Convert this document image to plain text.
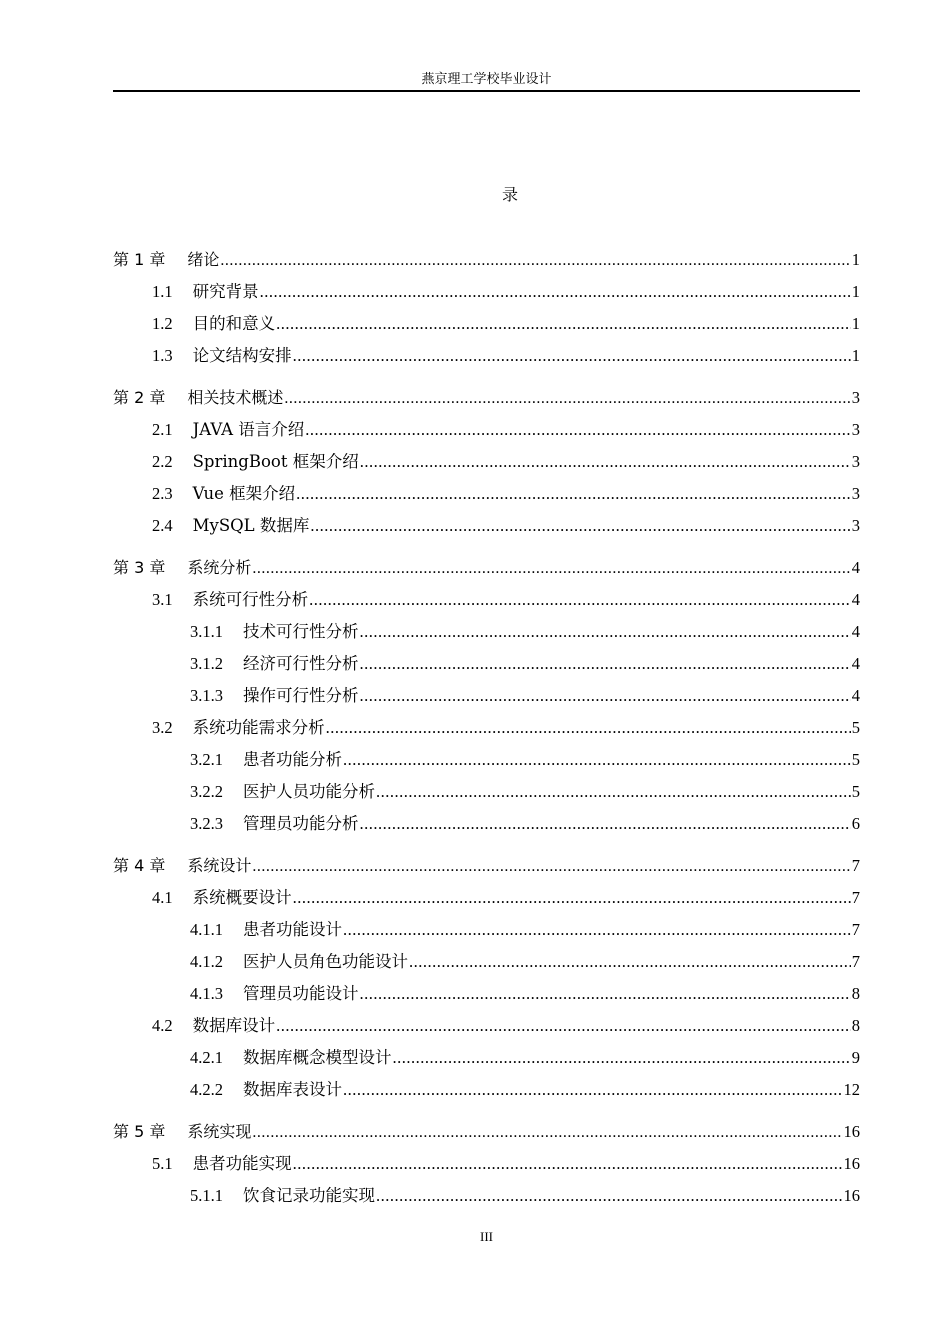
燕京理工学校毕业设计
录
第 1 章 绪论 .....	1
1.1 研究背景 .....	1
1.2 目的和意义 .....	1
1.3 论文结构安排 .....	1
第 2 章 相关技术概述 .....	3
2.1 JAVA 语言介绍 .....	3
2.2 SpringBoot 框架介绍 .....	3
2.3 Vue 框架介绍 .....	3
2.4 MySQL 数据库 .....	3
第 3 章 系统分析 .....	4
3.1 系统可行性分析 .....	4
3.1.1 技术可行性分析 .....	4
3.1.2 经济可行性分析 .....	4
3.1.3 操作可行性分析 .....	4
3.2 系统功能需求分析 .....	5
3.2.1 患者功能分析 .....	5
3.2.2 医护人员功能分析 .....	5
3.2.3 管理员功能分析 .....	6
第 4 章 系统设计 .....	7
4.1 系统概要设计 .....	7
4.1.1 患者功能设计 .....	7
4.1.2 医护人员角色功能设计 .....	7
4.1.3 管理员功能设计 .....	8
4.2 数据库设计 .....	8
4.2.1 数据库概念模型设计 .....	9
4.2.2 数据库表设计 .....	12
第 5 章 系统实现 .....	16
5.1 患者功能实现 .....	16
5.1.1 饮食记录功能实现 .....	16
III
